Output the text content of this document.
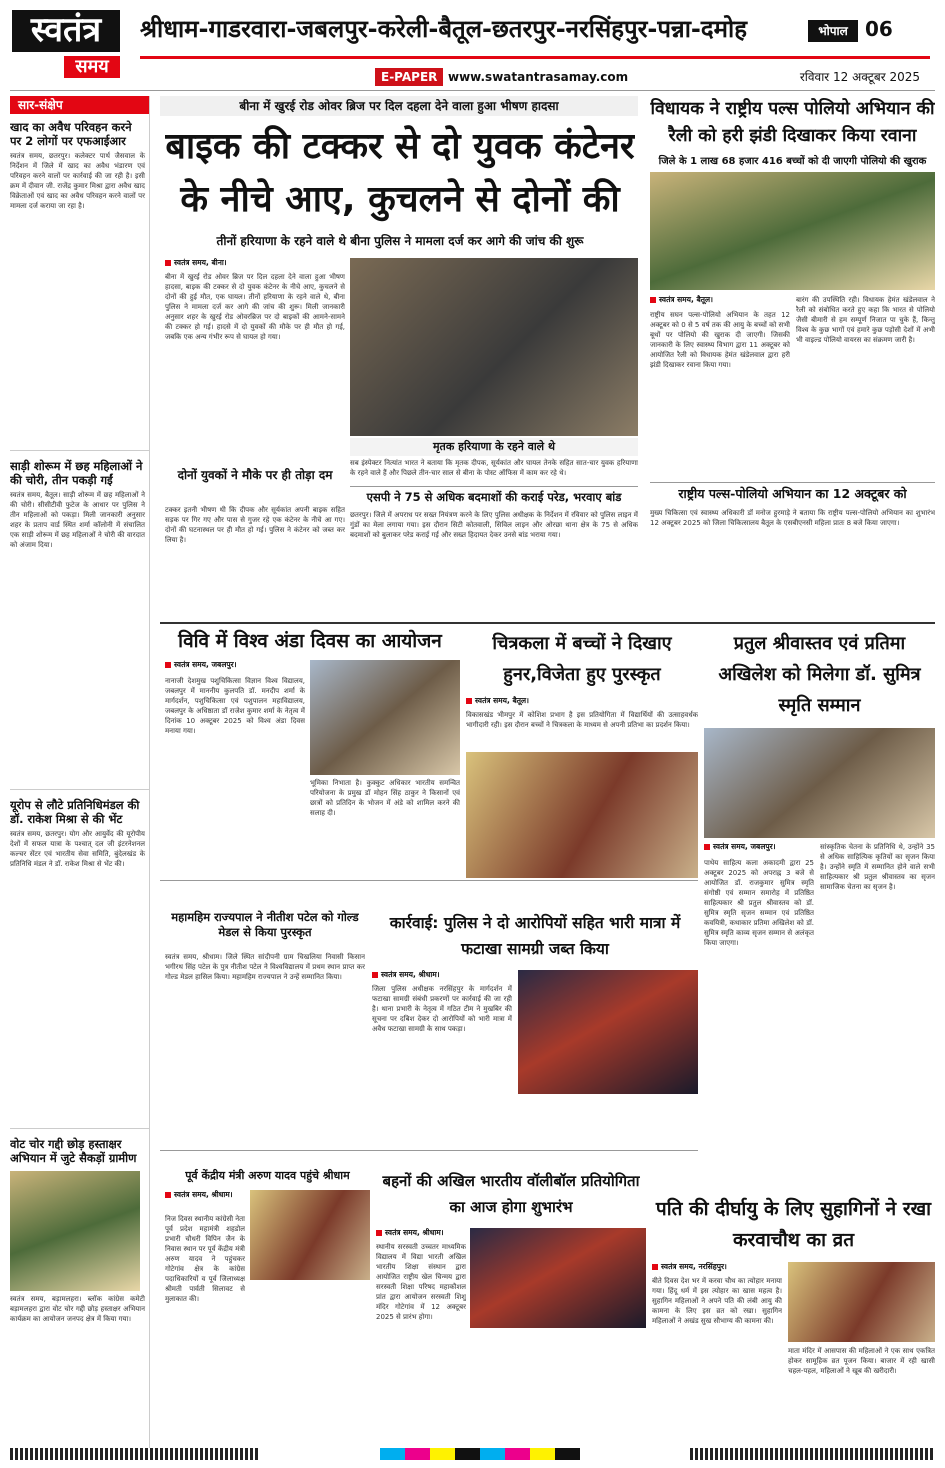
स्वतंत्र
समय
श्रीधाम-गाडरवारा-जबलपुर-करेली-बैतूल-छतरपुर-नरसिंहपुर-पन्ना-दमोह	भोपाल 06
E-PAPER www.swatantrasamay.com	रविवार 12 अक्टूबर 2025
सार-संक्षेप
खाद का अवैध परिवहन करने पर 2 लोगों पर एफआईआर
स्वतंत्र समय, छतरपुर। कलेक्टर पार्थ जैसवाल के निर्देशन में जिले में खाद का अवैध भंडारण एवं परिवहन करने वालों पर कार्रवाई की जा रही है। इसी क्रम में दीवान जी. राजेंद्र कुमार मिश्रा द्वारा अवैध खाद विक्रेताओं एवं खाद का अवैध परिवहन करने वालों पर मामला दर्ज कराया जा रहा है।
साड़ी शोरूम में छह महिलाओं ने की चोरी, तीन पकड़ी गईं
स्वतंत्र समय, बैतूल। साड़ी शोरूम में छह महिलाओं ने की चोरी। सीसीटीवी फुटेज के आधार पर पुलिस ने तीन महिलाओं को पकड़ा। मिली जानकारी अनुसार शहर के प्रताप वार्ड स्थित शर्मा कॉलोनी में संचालित एक साड़ी शोरूम में छह महिलाओं ने चोरी की वारदात को अंजाम दिया।
यूरोप से लौटे प्रतिनिधिमंडल की डॉ. राकेश मिश्रा से की भेंट
स्वतंत्र समय, छतरपुर। योग और आयुर्वेद की यूरोपीय देशों में सफल यात्रा के पश्चात् दल जी इंटरनेशनल कल्चर सेंटर एवं भारतीय सेवा समिति, बुंदेलखंड के प्रतिनिधि मंडल ने डॉ. राकेश मिश्रा से भेंट की।
वोट चोर गद्दी छोड़ हस्ताक्षर अभियान में जुटे सैकड़ों ग्रामीण
स्वतंत्र समय, बड़ामलहरा। ब्लॉक कांग्रेस कमेटी बड़ामलहरा द्वारा वोट चोर गद्दी छोड़ हस्ताक्षर अभियान कार्यक्रम का आयोजन जनपद क्षेत्र में किया गया।
बीना में खुरई रोड ओवर ब्रिज पर दिल दहला देने वाला हुआ भीषण हादसा
बाइक की टक्कर से दो युवक कंटेनर के नीचे आए, कुचलने से दोनों की
तीनों हरियाणा के रहने वाले थे बीना पुलिस ने मामला दर्ज कर आगे की जांच की शुरू
स्वतंत्र समय, बीना।
बीना में खुरई रोड ओवर ब्रिज पर दिल दहला देने वाला हुआ भीषण हादसा, बाइक की टक्कर से दो युवक कंटेनर के नीचे आए, कुचलने से दोनों की हुई मौत, एक घायल। तीनों हरियाणा के रहने वाले थे, बीना पुलिस ने मामला दर्ज कर आगे की जांच की शुरू। मिली जानकारी अनुसार शहर के खुरई रोड ओवरब्रिज पर दो बाइकों की आमने-सामने की टक्कर हो गई। हादसे में दो युवकों की मौके पर ही मौत हो गई, जबकि एक अन्य गंभीर रूप से घायल हो गया।
दोनों युवकों ने मौके पर ही तोड़ा दम
टक्कर इतनी भीषण थी कि दीपक और सूर्यकांत अपनी बाइक सहित सड़क पर गिर गए और पास से गुजर रहे एक कंटेनर के नीचे आ गए। दोनों की घटनास्थल पर ही मौत हो गई। पुलिस ने कंटेनर को जब्त कर लिया है।
मृतक हरियाणा के रहने वाले थे
सब इंस्पेक्टर नित्यांत भारत ने बताया कि मृतक दीपक, सूर्यकांत और घायल तेनके सहित सात-चार युवक हरियाणा के रहने वाले हैं और पिछले तीन-चार साल से बीना के पोस्ट ऑफिस में काम कर रहे थे।
एसपी ने 75 से अधिक बदमाशों की कराई परेड, भरवाए बांड
छतरपुर। जिले में अपराध पर सख्त नियंत्रण करने के लिए पुलिस अधीक्षक के निर्देशन में रविवार को पुलिस लाइन में गुंडों का मेला लगाया गया। इस दौरान सिटी कोतवाली, सिविल लाइन और ओरछा थाना क्षेत्र के 75 से अधिक बदमाशों को बुलाकर परेड कराई गई और सख्त हिदायत देकर उनसे बांड भराया गया।
विधायक ने राष्ट्रीय पल्स पोलियो अभियान की रैली को हरी झंडी दिखाकर किया रवाना
जिले के 1 लाख 68 हजार 416 बच्चों को दी जाएगी पोलियो की खुराक
स्वतंत्र समय, बैतूल।
राष्ट्रीय सघन पल्स-पोलियो अभियान के तहत 12 अक्टूबर को 0 से 5 वर्ष तक की आयु के बच्चों को सभी बूथों पर पोलियो की खुराक दी जाएगी। जिसकी जानकारी के लिए स्वास्थ्य विभाग द्वारा 11 अक्टूबर को आयोजित रैली को विधायक हेमंत खंडेलवाल द्वारा हरी झंडी दिखाकर रवाना किया गया।
बारंग की उपस्थिति रही। विधायक हेमंत खंडेलवाल ने रैली को संबोधित करते हुए कहा कि भारत से पोलियो जैसी बीमारी से हम सम्पूर्ण निजात पा चुके हैं, किन्तु विश्व के कुछ भागों एवं हमारे कुछ पड़ोसी देशों में अभी भी वाइल्ड पोलियो वायरस का संक्रमण जारी है।
राष्ट्रीय पल्स-पोलियो अभियान का 12 अक्टूबर को
मुख्य चिकित्सा एवं स्वास्थ्य अधिकारी डॉ मनोज हुरमाड़े ने बताया कि राष्ट्रीय पल्स-पोलियो अभियान का शुभारंभ 12 अक्टूबर 2025 को जिला चिकित्सालय बैतूल के एसबीएनसी महिला प्रातः 8 बजे किया जाएगा।
विवि में विश्व अंडा दिवस का आयोजन
स्वतंत्र समय, जबलपुर।
नानाजी देशमुख पशुचिकित्सा विज्ञान विश्व विद्यालय, जबलपुर में माननीय कुलपति डॉ. मनदीप शर्मा के मार्गदर्शन, पशुचिकित्सा एवं पशुपालन महाविद्यालय, जबलपुर के अधिष्ठाता डॉ राजेश कुमार शर्मा के नेतृत्व में दिनांक 10 अक्टूबर 2025 को विश्व अंडा दिवस मनाया गया।
भूमिका निभाता है। कुक्कुट अधिकार भारतीय समन्वित परियोजना के प्रमुख डॉ मोहन सिंह ठाकुर ने किसानों एवं छात्रों को प्रतिदिन के भोजन में अंडे को शामिल करने की सलाह दी।
चित्रकला में बच्चों ने दिखाए हुनर,विजेता हुए पुरस्कृत
स्वतंत्र समय, बैतूल।
विकासखंड भीमपुर में कोशिश प्रभाग है इस प्रतियोगिता में विद्यार्थियों की उत्साहवर्धक भागीदारी रही। इस दौरान बच्चों ने चित्रकला के माध्यम से अपनी प्रतिभा का प्रदर्शन किया।
प्रतुल श्रीवास्तव एवं प्रतिमा अखिलेश को मिलेगा डॉ. सुमित्र स्मृति सम्मान
स्वतंत्र समय, जबलपुर।
पाथेय साहित्य कला अकादमी द्वारा 25 अक्टूबर 2025 को अपराह्न 3 बजे से आयोजित डॉ. राजकुमार सुमित्र स्मृति संगोष्ठी एवं सम्मान समारोह में प्रतिष्ठित साहित्यकार श्री प्रतुल श्रीवास्तव को डॉ. सुमित्र स्मृति सृजन सम्मान एवं प्रतिष्ठित कवयित्री, कथाकार प्रतिमा अखिलेश को डॉ. सुमित्र स्मृति काव्य सृजन सम्मान से अलंकृत किया जाएगा।
सांस्कृतिक चेतना के प्रतिनिधि थे, उन्होंने 35 से अधिक साहित्यिक कृतियों का सृजन किया है। उन्होंने स्मृति में सम्मानित होने वाले सभी साहित्यकार श्री प्रतुल श्रीवास्तव का सृजन सामाजिक चेतना का सृजन है।
महामहिम राज्यपाल ने नीतीश पटेल को गोल्ड मेडल से किया पुरस्कृत
स्वतंत्र समय, श्रीधाम। जिले स्थित सांदीपनी ग्राम चिखलिया निवासी किसान भगीरथ सिंह पटेल के पुत्र नीतीश पटेल ने विश्वविद्यालय में प्रथम स्थान प्राप्त कर गोल्ड मेडल हासिल किया। महामहिम राज्यपाल ने उन्हें सम्मानित किया।
कार्रवाई: पुलिस ने दो आरोपियों सहित भारी मात्रा में फटाखा सामग्री जब्त किया
स्वतंत्र समय, श्रीधाम।
जिला पुलिस अधीक्षक नरसिंहपुर के मार्गदर्शन में फटाखा सामग्री संबंधी प्रकरणों पर कार्रवाई की जा रही है। थाना प्रभारी के नेतृत्व में गठित टीम ने मुखबिर की सूचना पर दबिश देकर दो आरोपियों को भारी मात्रा में अवैध फटाखा सामग्री के साथ पकड़ा।
पूर्व केंद्रीय मंत्री अरुण यादव पहुंचे श्रीधाम
स्वतंत्र समय, श्रीधाम।
निज दिवस स्थानीय कांग्रेसी नेता पूर्व प्रदेश महामंत्री शहडोल प्रभारी चौधरी विपिन जैन के निवास स्थान पर पूर्व केंद्रीय मंत्री अरुण यादव ने पहुंचकर गोटेगांव क्षेत्र के कांग्रेस पदाधिकारियों व पूर्व जिलाध्यक्ष श्रीमती पार्वती सिलावट से मुलाकात की।
बहनों की अखिल भारतीय वॉलीबॉल प्रतियोगिता का आज होगा शुभारंभ
स्वतंत्र समय, श्रीधाम।
स्थानीय सरस्वती उच्चतर माध्यमिक विद्यालय में विद्या भारती अखिल भारतीय शिक्षा संस्थान द्वारा आयोजित राष्ट्रीय खेल चिन्मय द्वारा सरस्वती शिक्षा परिषद महाकौशल प्रांत द्वारा आयोजन सरस्वती शिशु मंदिर गोटेगांव में 12 अक्टूबर 2025 से प्रारंभ होगा।
पति की दीर्घायु के लिए सुहागिनों ने रखा करवाचौथ का व्रत
स्वतंत्र समय, नरसिंहपुर।
बीते दिवस देश भर में करवा चौथ का त्योहार मनाया गया। हिंदू धर्म में इस त्योहार का खास महत्व है। सुहागिन महिलाओं ने अपने पति की लंबी आयु की कामना के लिए इस व्रत को रखा। सुहागिन महिलाओं ने अखंड सुख सौभाग्य की कामना की।
माता मंदिर में आसपास की महिलाओं ने एक साथ एकत्रित होकर सामूहिक व्रत पूजन किया। बाजार में रही खासी चहल-पहल, महिलाओं ने खूब की खरीदारी।
